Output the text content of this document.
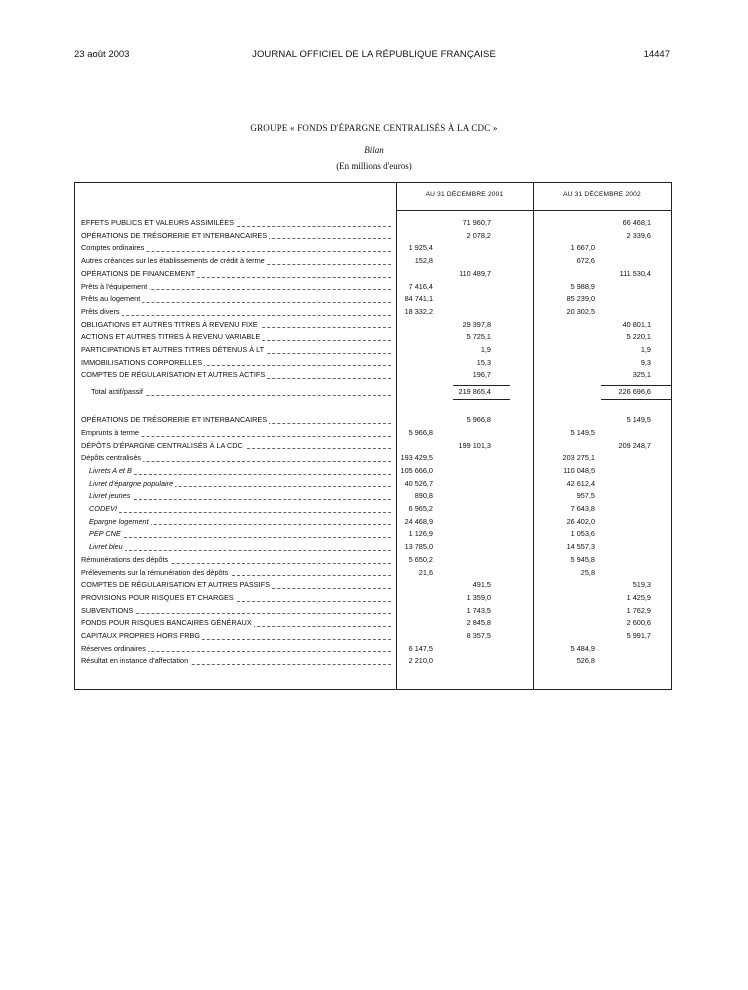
23 août 2003	JOURNAL OFFICIEL DE LA RÉPUBLIQUE FRANÇAISE	14447
GROUPE « FONDS D'ÉPARGNE CENTRALISÉS À LA CDC »
Bilan
(En millions d'euros)
AU 31 DÉCEMBRE 2001	AU 31 DÉCEMBRE 2002
EFFETS PUBLICS ET VALEURS ASSIMILÉES	71 960,7	66 468,1
OPÉRATIONS DE TRÉSORERIE ET INTERBANCAIRES	2 078,2	2 339,6
Comptes ordinaires	1 925,4	1 667,0
Autres créances sur les établissements de crédit à terme	152,8	672,6
OPÉRATIONS DE FINANCEMENT	110 489,7	111 530,4
Prêts à l'équipement	7 416,4	5 988,9
Prêts au logement	84 741,1	85 239,0
Prêts divers	18 332,2	20 302,5
OBLIGATIONS ET AUTRES TITRES À REVENU FIXE	29 397,8	40 801,1
ACTIONS ET AUTRES TITRES À REVENU VARIABLE	5 725,1	5 220,1
PARTICIPATIONS ET AUTRES TITRES DÉTENUS À LT	1,9	1,9
IMMOBILISATIONS CORPORELLES	15,3	9,3
COMPTES DE RÉGULARISATION ET AUTRES ACTIFS	196,7	325,1
Total actif/passif	219 865,4	226 696,6
OPÉRATIONS DE TRÉSORERIE ET INTERBANCAIRES	5 966,8	5 149,5
Emprunts à terme	5 966,8	5 149,5
DÉPÔTS D'ÉPARGNE CENTRALISÉS À LA CDC	199 101,3	209 248,7
Dépôts centralisés	193 429,5	203 275,1
Livrets A et B	105 666,0	110 048,5
Livret d'épargne populaire	40 526,7	42 612,4
Livret jeunes	890,8	957,5
CODEVI	6 965,2	7 643,8
Epargne logement	24 468,9	26 402,0
PEP CNE	1 126,9	1 053,6
Livret bleu	13 785,0	14 557,3
Rémunérations des dépôts	5 650,2	5 945,8
Prélèvements sur la rémunération des dépôts	21,6	25,8
COMPTES DE RÉGULARISATION ET AUTRES PASSIFS	491,5	519,3
PROVISIONS POUR RISQUES ET CHARGES	1 359,0	1 425,9
SUBVENTIONS	1 743,5	1 762,9
FONDS POUR RISQUES BANCAIRES GÉNÉRAUX	2 845,8	2 600,6
CAPITAUX PROPRES HORS FRBG	8 357,5	5 991,7
Réserves ordinaires	6 147,5	5 484,9
Résultat en instance d'affectation	2 210,0	526,8
